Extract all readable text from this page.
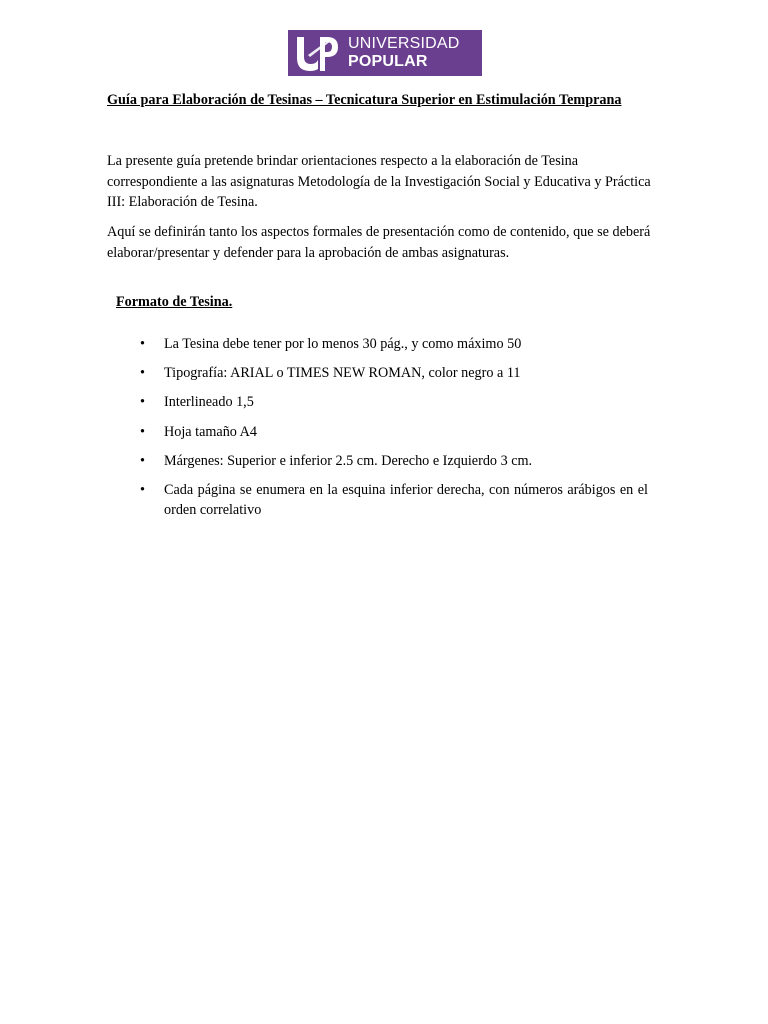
UNIVERSIDAD
POPULAR

Guía para Elaboración de Tesinas – Tecnicatura Superior en Estimulación Temprana

La presente guía pretende brindar orientaciones respecto a la elaboración de Tesina correspondiente a las asignaturas Metodología de la Investigación Social y Educativa y Práctica III: Elaboración de Tesina.

Aquí se definirán tanto los aspectos formales de presentación como de contenido, que se deberá elaborar/presentar y defender para la aprobación de ambas asignaturas.

Formato de Tesina.

• La Tesina debe tener por lo menos 30 pág., y como máximo 50
• Tipografía: ARIAL o TIMES NEW ROMAN, color negro a 11
• Interlineado 1,5
• Hoja tamaño A4
• Márgenes: Superior e inferior 2.5 cm. Derecho e Izquierdo 3 cm.
• Cada página se enumera en la esquina inferior derecha, con números arábigos en el orden correlativo
